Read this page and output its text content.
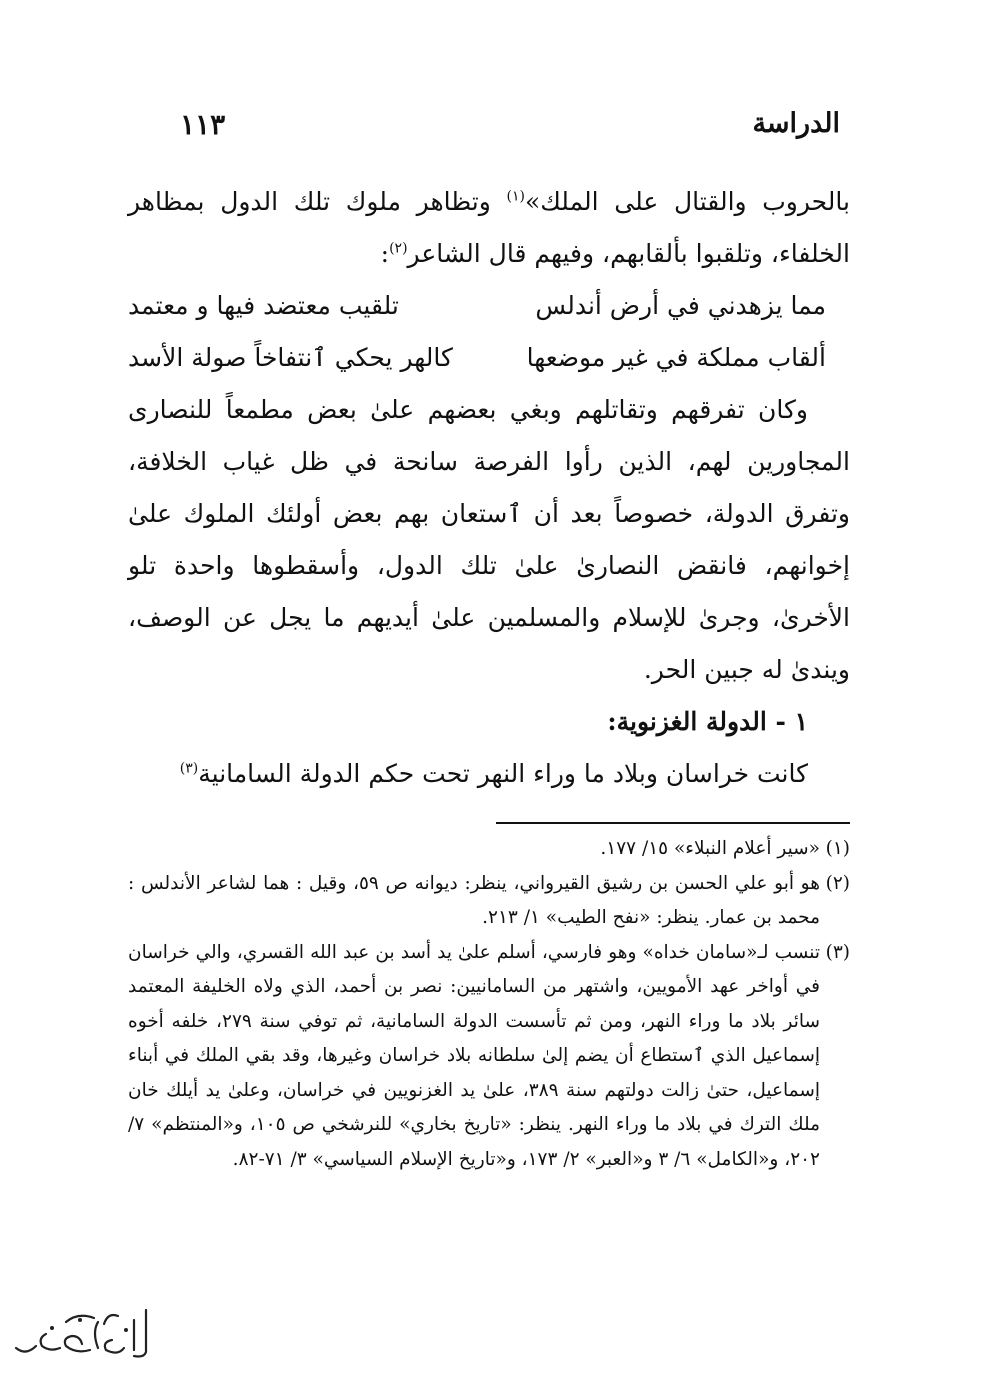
الدراسة
١١٣

بالحروب والقتال على الملك»$^{(١)}$ وتظاهر ملوك تلك الدول بمظاهر الخلفاء، وتلقبوا بألقابهم، وفيهم قال الشاعر$^{(٢)}$:

مما يزهدني في أرض أندلس
تلقيب معتضد فيها و معتمد
ألقاب مملكة في غير موضعها
كالهر يحكي ٱنتفاخاً صولة الأسد

وكان تفرقهم وتقاتلهم وبغي بعضهم علىٰ بعض مطمعاً للنصارى المجاورين لهم، الذين رأوا الفرصة سانحة في ظل غياب الخلافة، وتفرق الدولة، خصوصاً بعد أن ٱستعان بهم بعض أولئك الملوك علىٰ إخوانهم، فانقض النصارىٰ علىٰ تلك الدول، وأسقطوها واحدة تلو الأخرىٰ، وجرىٰ للإسلام والمسلمين علىٰ أيديهم ما يجل عن الوصف، ويندىٰ له جبين الحر.

١ - الدولة الغزنوية:

كانت خراسان وبلاد ما وراء النهر تحت حكم الدولة السامانية$^{(٣)}$

(١)«سير أعلام النبلاء» ١٥/ ١٧٧.

(٢)هو أبو علي الحسن بن رشيق القيرواني، ينظر: ديوانه ص ٥٩، وقيل : هما لشاعر الأندلس : محمد بن عمار. ينظر: «نفح الطيب» ١/ ٢١٣.

(٣)تنسب لـ«سامان خداه» وهو فارسي، أسلم علىٰ يد أسد بن عبد الله القسري، والي خراسان في أواخر عهد الأمويين، واشتهر من السامانيين: نصر بن أحمد، الذي ولاه الخليفة المعتمد سائر بلاد ما وراء النهر، ومن ثم تأسست الدولة السامانية، ثم توفي سنة ٢٧٩، خلفه أخوه إسماعيل الذي ٱستطاع أن يضم إلىٰ سلطانه بلاد خراسان وغيرها، وقد بقي الملك في أبناء إسماعيل، حتىٰ زالت دولتهم سنة ٣٨٩، علىٰ يد الغزنويين في خراسان، وعلىٰ يد أيلك خان ملك الترك في بلاد ما وراء النهر. ينظر: «تاريخ بخاري» للنرشخي ص ١٠٥، و«المنتظم» ٧/ ٢٠٢، و«الكامل» ٦/ ٣ و«العبر» ٢/ ١٧٣، و«تاريخ الإسلام السياسي» ٣/ ٧١-٨٢.
